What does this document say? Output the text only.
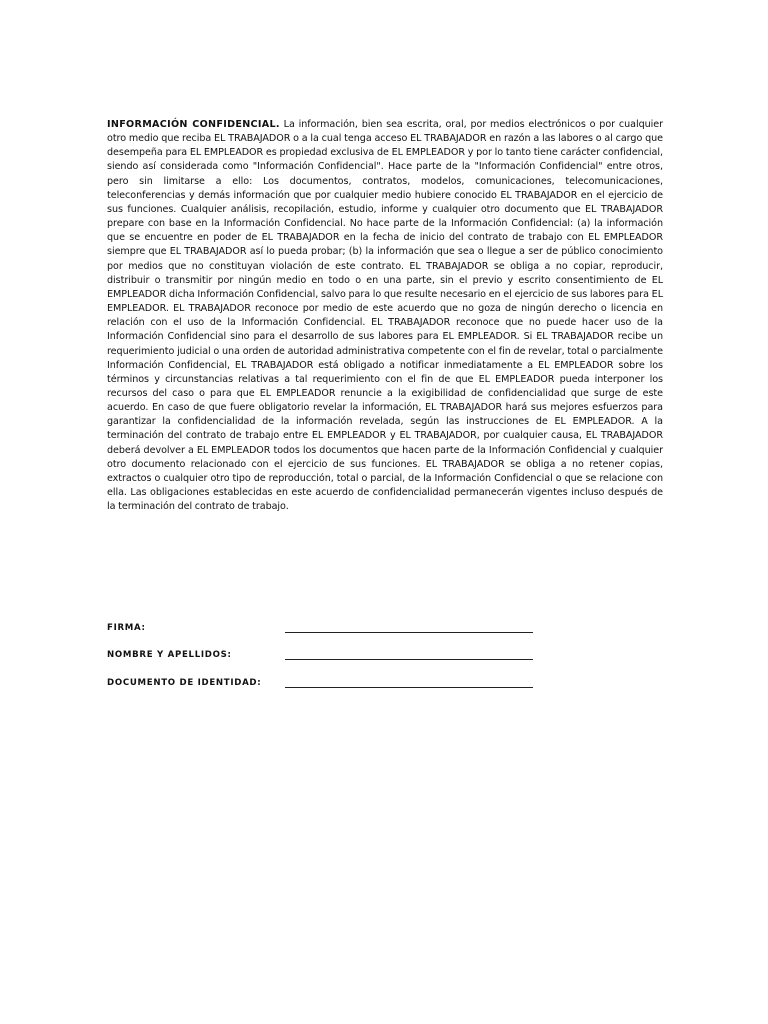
INFORMACIÓN CONFIDENCIAL. La información, bien sea escrita, oral, por medios electrónicos o por cualquier otro medio que reciba EL TRABAJADOR o a la cual tenga acceso EL TRABAJADOR en razón a las labores o al cargo que desempeña para EL EMPLEADOR es propiedad exclusiva de EL EMPLEADOR y por lo tanto tiene carácter confidencial, siendo así considerada como "Información Confidencial". Hace parte de la "Información Confidencial" entre otros, pero sin limitarse a ello: Los documentos, contratos, modelos, comunicaciones, telecomunicaciones, teleconferencias y demás información que por cualquier medio hubiere conocido EL TRABAJADOR en el ejercicio de sus funciones. Cualquier análisis, recopilación, estudio, informe y cualquier otro documento que EL TRABAJADOR prepare con base en la Información Confidencial. No hace parte de la Información Confidencial: (a) la información que se encuentre en poder de EL TRABAJADOR en la fecha de inicio del contrato de trabajo con EL EMPLEADOR siempre que EL TRABAJADOR así lo pueda probar; (b) la información que sea o llegue a ser de público conocimiento por medios que no constituyan violación de este contrato. EL TRABAJADOR se obliga a no copiar, reproducir, distribuir o transmitir por ningún medio en todo o en una parte, sin el previo y escrito consentimiento de EL EMPLEADOR dicha Información Confidencial, salvo para lo que resulte necesario en el ejercicio de sus labores para EL EMPLEADOR. EL TRABAJADOR reconoce por medio de este acuerdo que no goza de ningún derecho o licencia en relación con el uso de la Información Confidencial. EL TRABAJADOR reconoce que no puede hacer uso de la Información Confidencial sino para el desarrollo de sus labores para EL EMPLEADOR. Si EL TRABAJADOR recibe un requerimiento judicial o una orden de autoridad administrativa competente con el fin de revelar, total o parcialmente Información Confidencial, EL TRABAJADOR está obligado a notificar inmediatamente a EL EMPLEADOR sobre los términos y circunstancias relativas a tal requerimiento con el fin de que EL EMPLEADOR pueda interponer los recursos del caso o para que EL EMPLEADOR renuncie a la exigibilidad de confidencialidad que surge de este acuerdo. En caso de que fuere obligatorio revelar la información, EL TRABAJADOR hará sus mejores esfuerzos para garantizar la confidencialidad de la información revelada, según las instrucciones de EL EMPLEADOR. A la terminación del contrato de trabajo entre EL EMPLEADOR y EL TRABAJADOR, por cualquier causa, EL TRABAJADOR deberá devolver a EL EMPLEADOR todos los documentos que hacen parte de la Información Confidencial y cualquier otro documento relacionado con el ejercicio de sus funciones. EL TRABAJADOR se obliga a no retener copias, extractos o cualquier otro tipo de reproducción, total o parcial, de la Información Confidencial o que se relacione con ella. Las obligaciones establecidas en este acuerdo de confidencialidad permanecerán vigentes incluso después de la terminación del contrato de trabajo.

FIRMA:
NOMBRE Y APELLIDOS:
DOCUMENTO DE IDENTIDAD:
